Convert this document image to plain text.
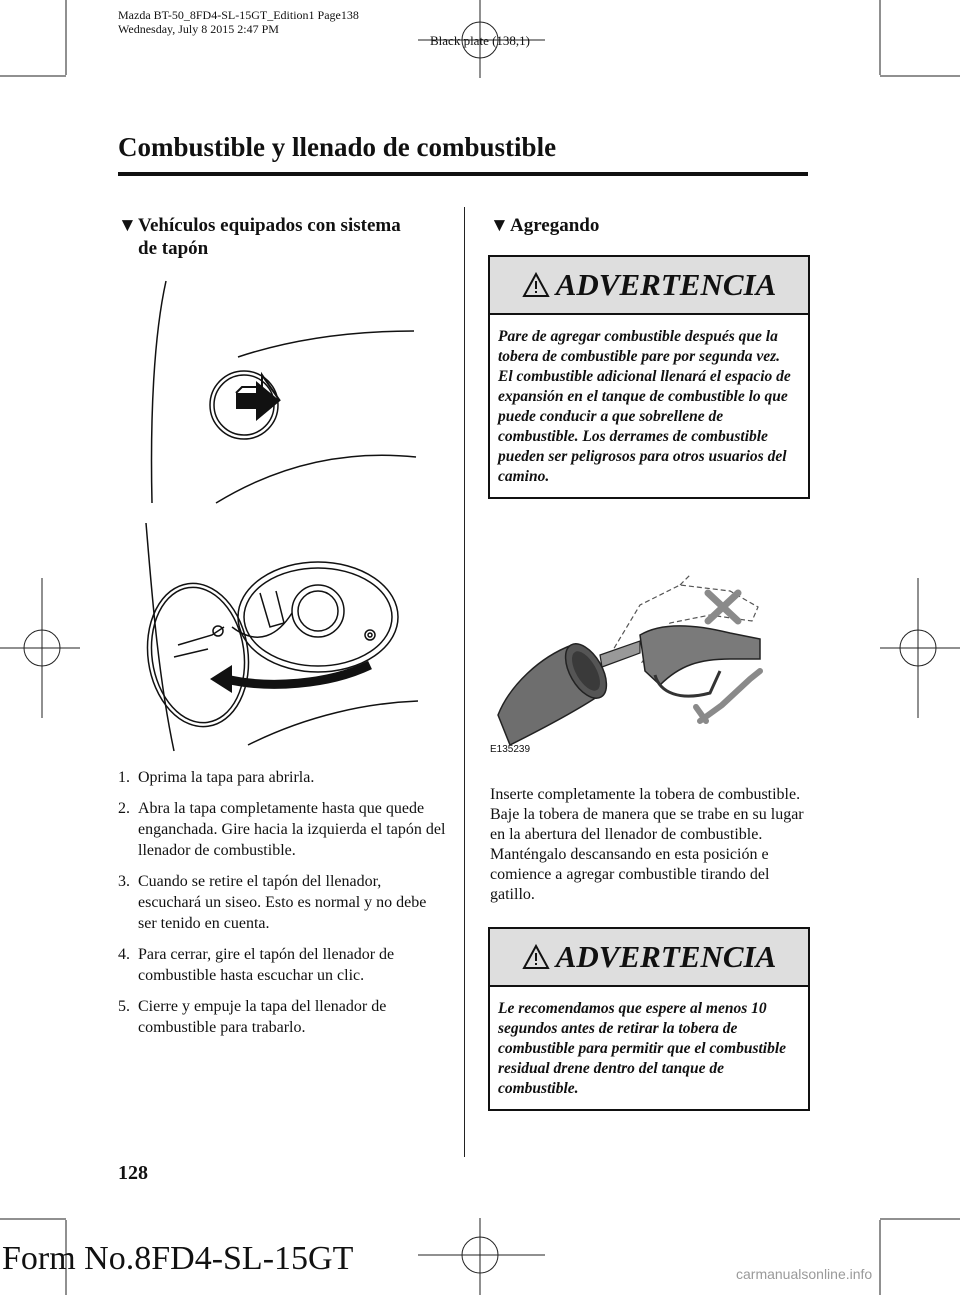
Mazda BT-50_8FD4-SL-15GT_Edition1 Page138
Wednesday, July 8 2015 2:47 PM
Black plate (138,1)
Combustible y llenado de combustible
▼Vehículos equipados con sistema
de tapón
1. Oprima la tapa para abrirla.
2. Abra la tapa completamente hasta que quede enganchada. Gire hacia la izquierda el tapón del llenador de combustible.
3. Cuando se retire el tapón del llenador, escuchará un siseo. Esto es normal y no debe ser tenido en cuenta.
4. Para cerrar, gire el tapón del llenador de combustible hasta escuchar un clic.
5. Cierre y empuje la tapa del llenador de combustible para trabarlo.
▼Agregando
ADVERTENCIA
Pare de agregar combustible después que la tobera de combustible pare por segunda vez. El combustible adicional llenará el espacio de expansión en el tanque de combustible lo que puede conducir a que sobrellene de combustible. Los derrames de combustible pueden ser peligrosos para otros usuarios del camino.
E135239
Inserte completamente la tobera de combustible. Baje la tobera de manera que se trabe en su lugar en la abertura del llenador de combustible. Manténgalo descansando en esta posición e comience a agregar combustible tirando del gatillo.
ADVERTENCIA
Le recomendamos que espere al menos 10 segundos antes de retirar la tobera de combustible para permitir que el combustible residual drene dentro del tanque de combustible.
128
Form No.8FD4-SL-15GT	carmanualsonline.info
